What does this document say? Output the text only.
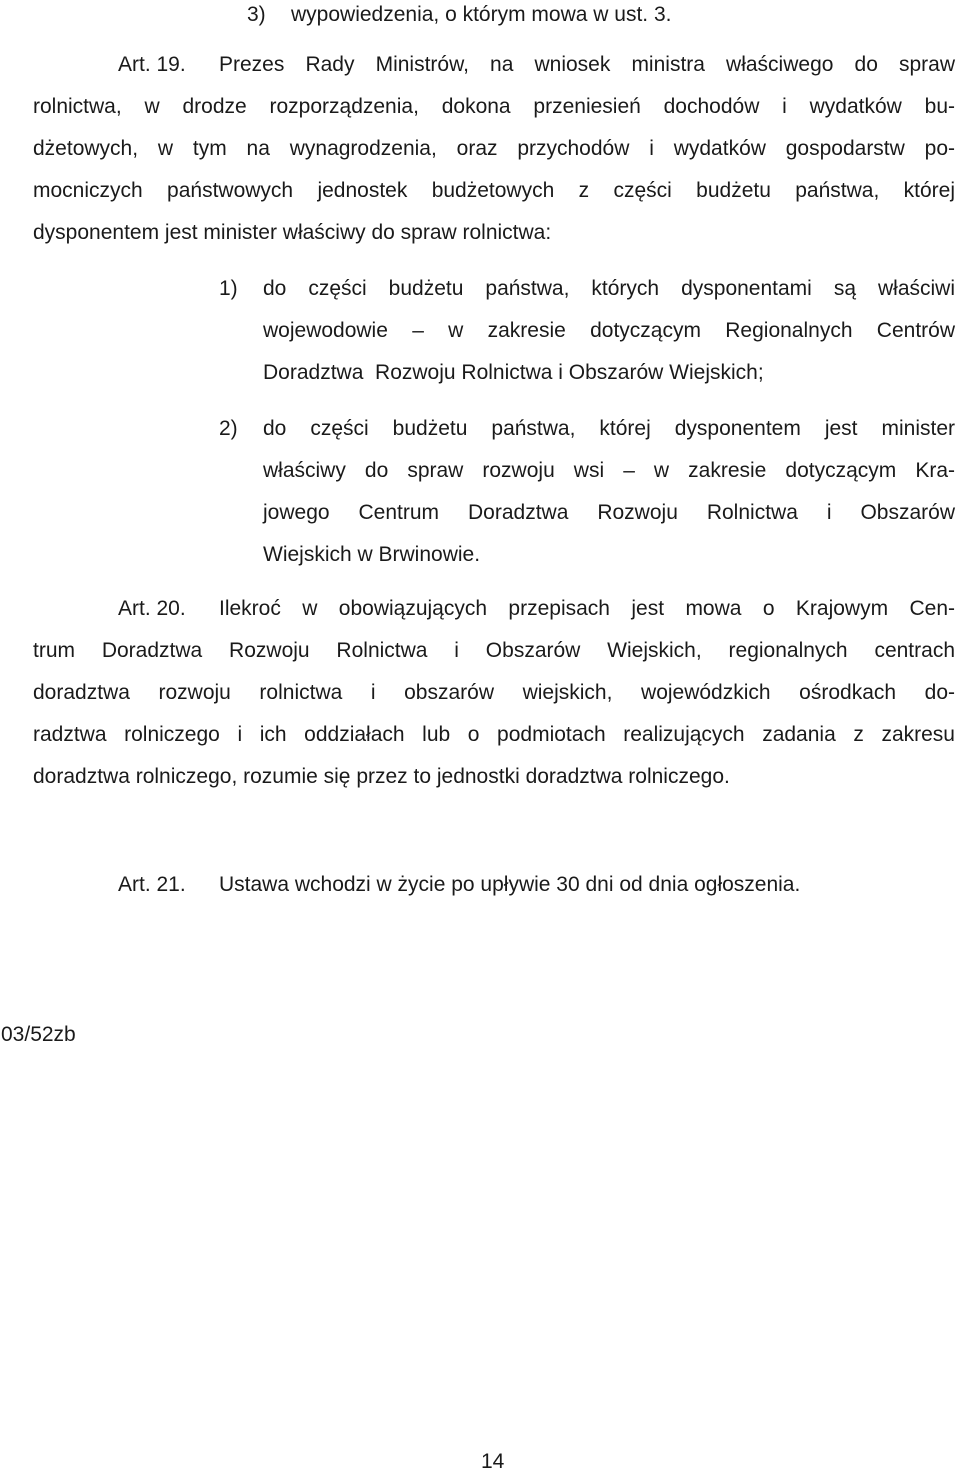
3) wypowiedzenia, o którym mowa w ust. 3.
Art. 19. Prezes Rady Ministrów, na wniosek ministra właściwego do spraw
rolnictwa, w drodze rozporządzenia, dokona przeniesień dochodów i wydatków bu-
dżetowych, w tym na wynagrodzenia, oraz przychodów i wydatków gospodarstw po-
mocniczych państwowych jednostek budżetowych z części budżetu państwa, której
dysponentem jest minister właściwy do spraw rolnictwa:
1) do części budżetu państwa, których dysponentami są właściwi
wojewodowie – w zakresie dotyczącym Regionalnych Centrów
Doradztwa  Rozwoju Rolnictwa i Obszarów Wiejskich;
2) do części budżetu państwa, której dysponentem jest minister
właściwy do spraw rozwoju wsi – w zakresie dotyczącym Kra-
jowego Centrum Doradztwa Rozwoju Rolnictwa i Obszarów
Wiejskich w Brwinowie.
Art. 20. Ilekroć w obowiązujących przepisach jest mowa o Krajowym Cen-
trum Doradztwa Rozwoju Rolnictwa i Obszarów Wiejskich, regionalnych centrach
doradztwa rozwoju rolnictwa i obszarów wiejskich, wojewódzkich ośrodkach do-
radztwa rolniczego i ich oddziałach lub o podmiotach realizujących zadania z zakresu
doradztwa rolniczego, rozumie się przez to jednostki doradztwa rolniczego.
Art. 21. Ustawa wchodzi w życie po upływie 30 dni od dnia ogłoszenia.
03/52zb
14
